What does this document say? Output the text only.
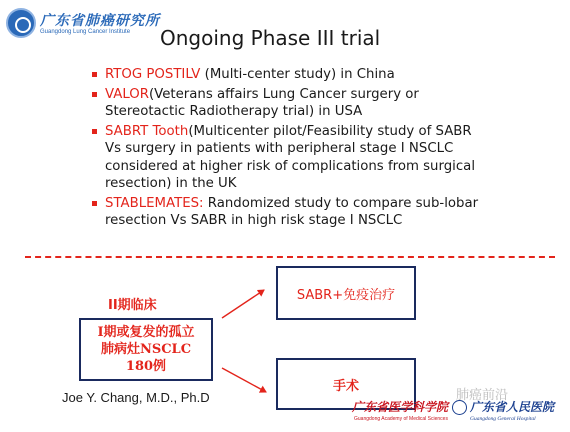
广东省肺癌研究所
Guangdong Lung Cancer Institute Ongoing Phase III trial
RTOG POSTILV (Multi-center study) in China
VALOR(Veterans affairs Lung Cancer surgery or Stereotactic Radiotherapy trial) in USA
SABRT Tooth(Multicenter pilot/Feasibility study of SABR Vs surgery in patients with peripheral stage I NSCLC considered at higher risk of complications from surgical resection) in the UK
STABLEMATES: Randomized study to compare sub-lobar resection Vs SABR in high risk stage I NSCLC
II期临床
Ⅰ期或复发的孤立
肺病灶NSCLC
180例
SABR+免疫治疗
手术
Joe Y. Chang, M.D., Ph.D
广东省医学科学院
Guangdong Academy of Medical Sciences
广东省人民医院
Guangdong General Hospital
肺癌前沿
